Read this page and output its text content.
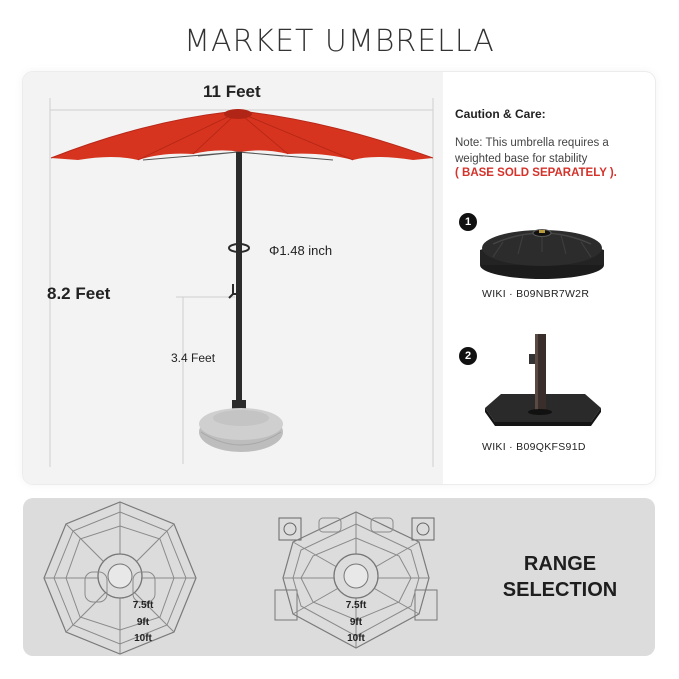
MARKET UMBRELLA
11 Feet
8.2 Feet
3.4 Feet
Φ1.48 inch
Caution & Care:
Note: This umbrella requires a weighted base for stability
( BASE SOLD SEPARATELY ).
1
WIKI · B09NBR7W2R
2
WIKI · B09QKFS91D
7.5ft
9ft
10ft
7.5ft
9ft
10ft
RANGE
SELECTION
